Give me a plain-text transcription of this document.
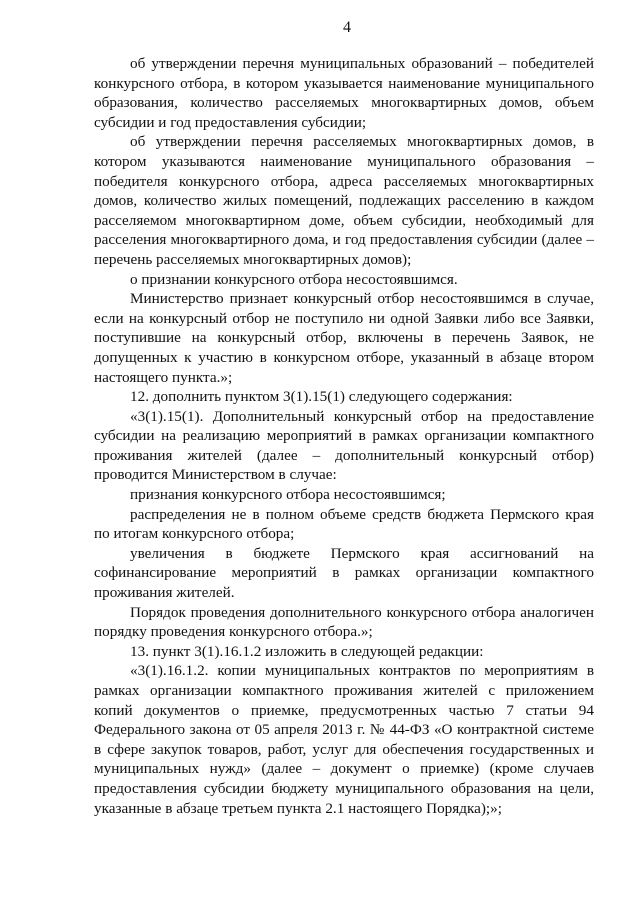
4

об утверждении перечня муниципальных образований – победителей конкурсного отбора, в котором указывается наименование муниципального образования, количество расселяемых многоквартирных домов, объем субсидии и год предоставления субсидии;

об утверждении перечня расселяемых многоквартирных домов, в котором указываются наименование муниципального образования – победителя конкурсного отбора, адреса расселяемых многоквартирных домов, количество жилых помещений, подлежащих расселению в каждом расселяемом многоквартирном доме, объем субсидии, необходимый для расселения многоквартирного дома, и год предоставления субсидии (далее – перечень расселяемых многоквартирных домов);

о признании конкурсного отбора несостоявшимся.

Министерство признает конкурсный отбор несостоявшимся в случае, если на конкурсный отбор не поступило ни одной Заявки либо все Заявки, поступившие на конкурсный отбор, включены в перечень Заявок, не допущенных к участию в конкурсном отборе, указанный в абзаце втором настоящего пункта.»;

12. дополнить пунктом 3(1).15(1) следующего содержания:

«3(1).15(1). Дополнительный конкурсный отбор на предоставление субсидии на реализацию мероприятий в рамках организации компактного проживания жителей (далее – дополнительный конкурсный отбор) проводится Министерством в случае:

признания конкурсного отбора несостоявшимся;

распределения не в полном объеме средств бюджета Пермского края по итогам конкурсного отбора;

увеличения в бюджете Пермского края ассигнований на софинансирование мероприятий в рамках организации компактного проживания жителей.

Порядок проведения дополнительного конкурсного отбора аналогичен порядку проведения конкурсного отбора.»;

13. пункт 3(1).16.1.2 изложить в следующей редакции:

«3(1).16.1.2. копии муниципальных контрактов по мероприятиям в рамках организации компактного проживания жителей с приложением копий документов о приемке, предусмотренных частью 7 статьи 94 Федерального закона от 05 апреля 2013 г. № 44-ФЗ «О контрактной системе в сфере закупок товаров, работ, услуг для обеспечения государственных и муниципальных нужд» (далее – документ о приемке) (кроме случаев предоставления субсидии бюджету муниципального образования на цели, указанные в абзаце третьем пункта 2.1 настоящего Порядка);»;
